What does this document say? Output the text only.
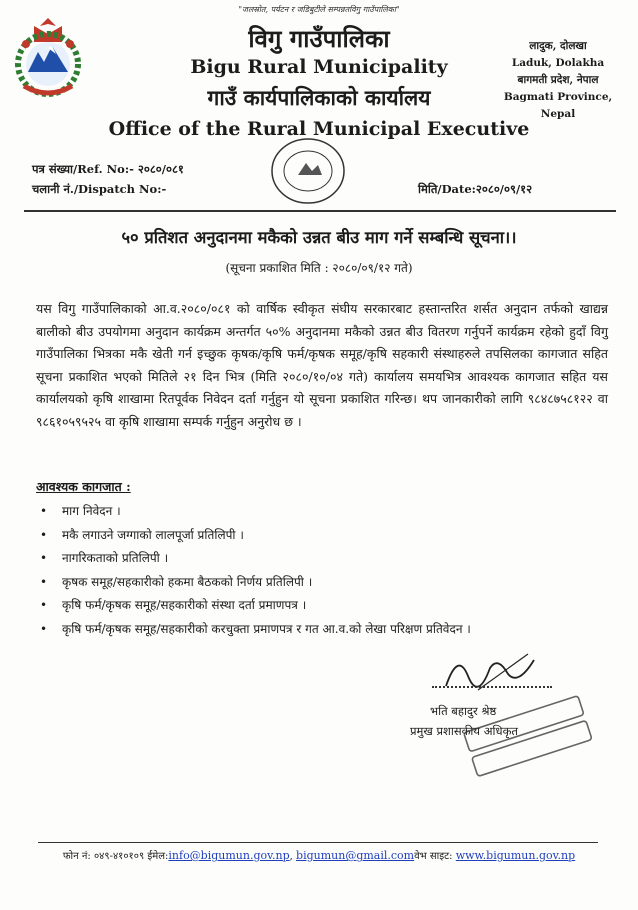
"जलस्रोत, पर्यटन र जडिबुटीले सम्पन्नतविगु गाउँपालिका"
विगु गाउँपालिका
Bigu Rural Municipality
गाउँ कार्यपालिकाको कार्यालय
लादुक, दोलखा
Laduk, Dolakha
बागमती प्रदेश, नेपाल
Bagmati Province, Nepal
Office of the Rural Municipal Executive
पत्र संख्या/Ref. No:- २०८०/०८१
चलानी नं./Dispatch No:-	मिति/Date:२०८०/०९/१२
५० प्रतिशत अनुदानमा मकैको उन्नत बीउ माग गर्ने सम्बन्धि सूचना।।
(सूचना प्रकाशित मिति : २०८०/०९/१२ गते)
यस विगु गाउँपालिकाको आ.व.२०८०/०८१ को वार्षिक स्वीकृत संघीय सरकारबाट हस्तान्तरित शर्सत अनुदान तर्फको खाद्यन्न बालीको बीउ उपयोगमा अनुदान कार्यक्रम अन्तर्गत ५०% अनुदानमा मकैको उन्नत बीउ वितरण गर्नुपर्ने कार्यक्रम रहेको हुदाँ विगु गाउँपालिका भित्रका मकै खेती गर्न इच्छुक कृषक/कृषि फर्म/कृषक समूह/कृषि सहकारी संस्थाहरुले तपसिलका कागजात सहित सूचना प्रकाशित भएको मितिले २१ दिन भित्र (मिति २०८०/१०/०४ गते) कार्यालय समयभित्र आवश्यक कागजात सहित यस कार्यालयको कृषि शाखामा रितपूर्वक निवेदन दर्ता गर्नुहुन यो सूचना प्रकाशित गरिन्छ। थप जानकारीको लागि ९८४८७५८१२२ वा ९८६१०५९५२५ वा कृषि शाखामा सम्पर्क गर्नुहुन अनुरोध छ ।
आवश्यक कागजात :
• माग निवेदन ।
• मकै लगाउने जग्गाको लालपूर्जा प्रतिलिपी ।
• नागरिकताको प्रतिलिपी ।
• कृषक समूह/सहकारीको हकमा बैठकको निर्णय प्रतिलिपी ।
• कृषि फर्म/कृषक समूह/सहकारीको संस्था दर्ता प्रमाणपत्र ।
• कृषि फर्म/कृषक समूह/सहकारीको करचुक्ता प्रमाणपत्र र गत आ.व.को लेखा परिक्षण प्रतिवेदन ।
भति बहादुर श्रेष्ठ
प्रमुख प्रशासकीय अधिकृत
फोन नं: ०४९-४१०१०९ ईमेल:info@bigumun.gov.np, bigumun@gmail.comवेभ साइट: www.bigumun.gov.np
